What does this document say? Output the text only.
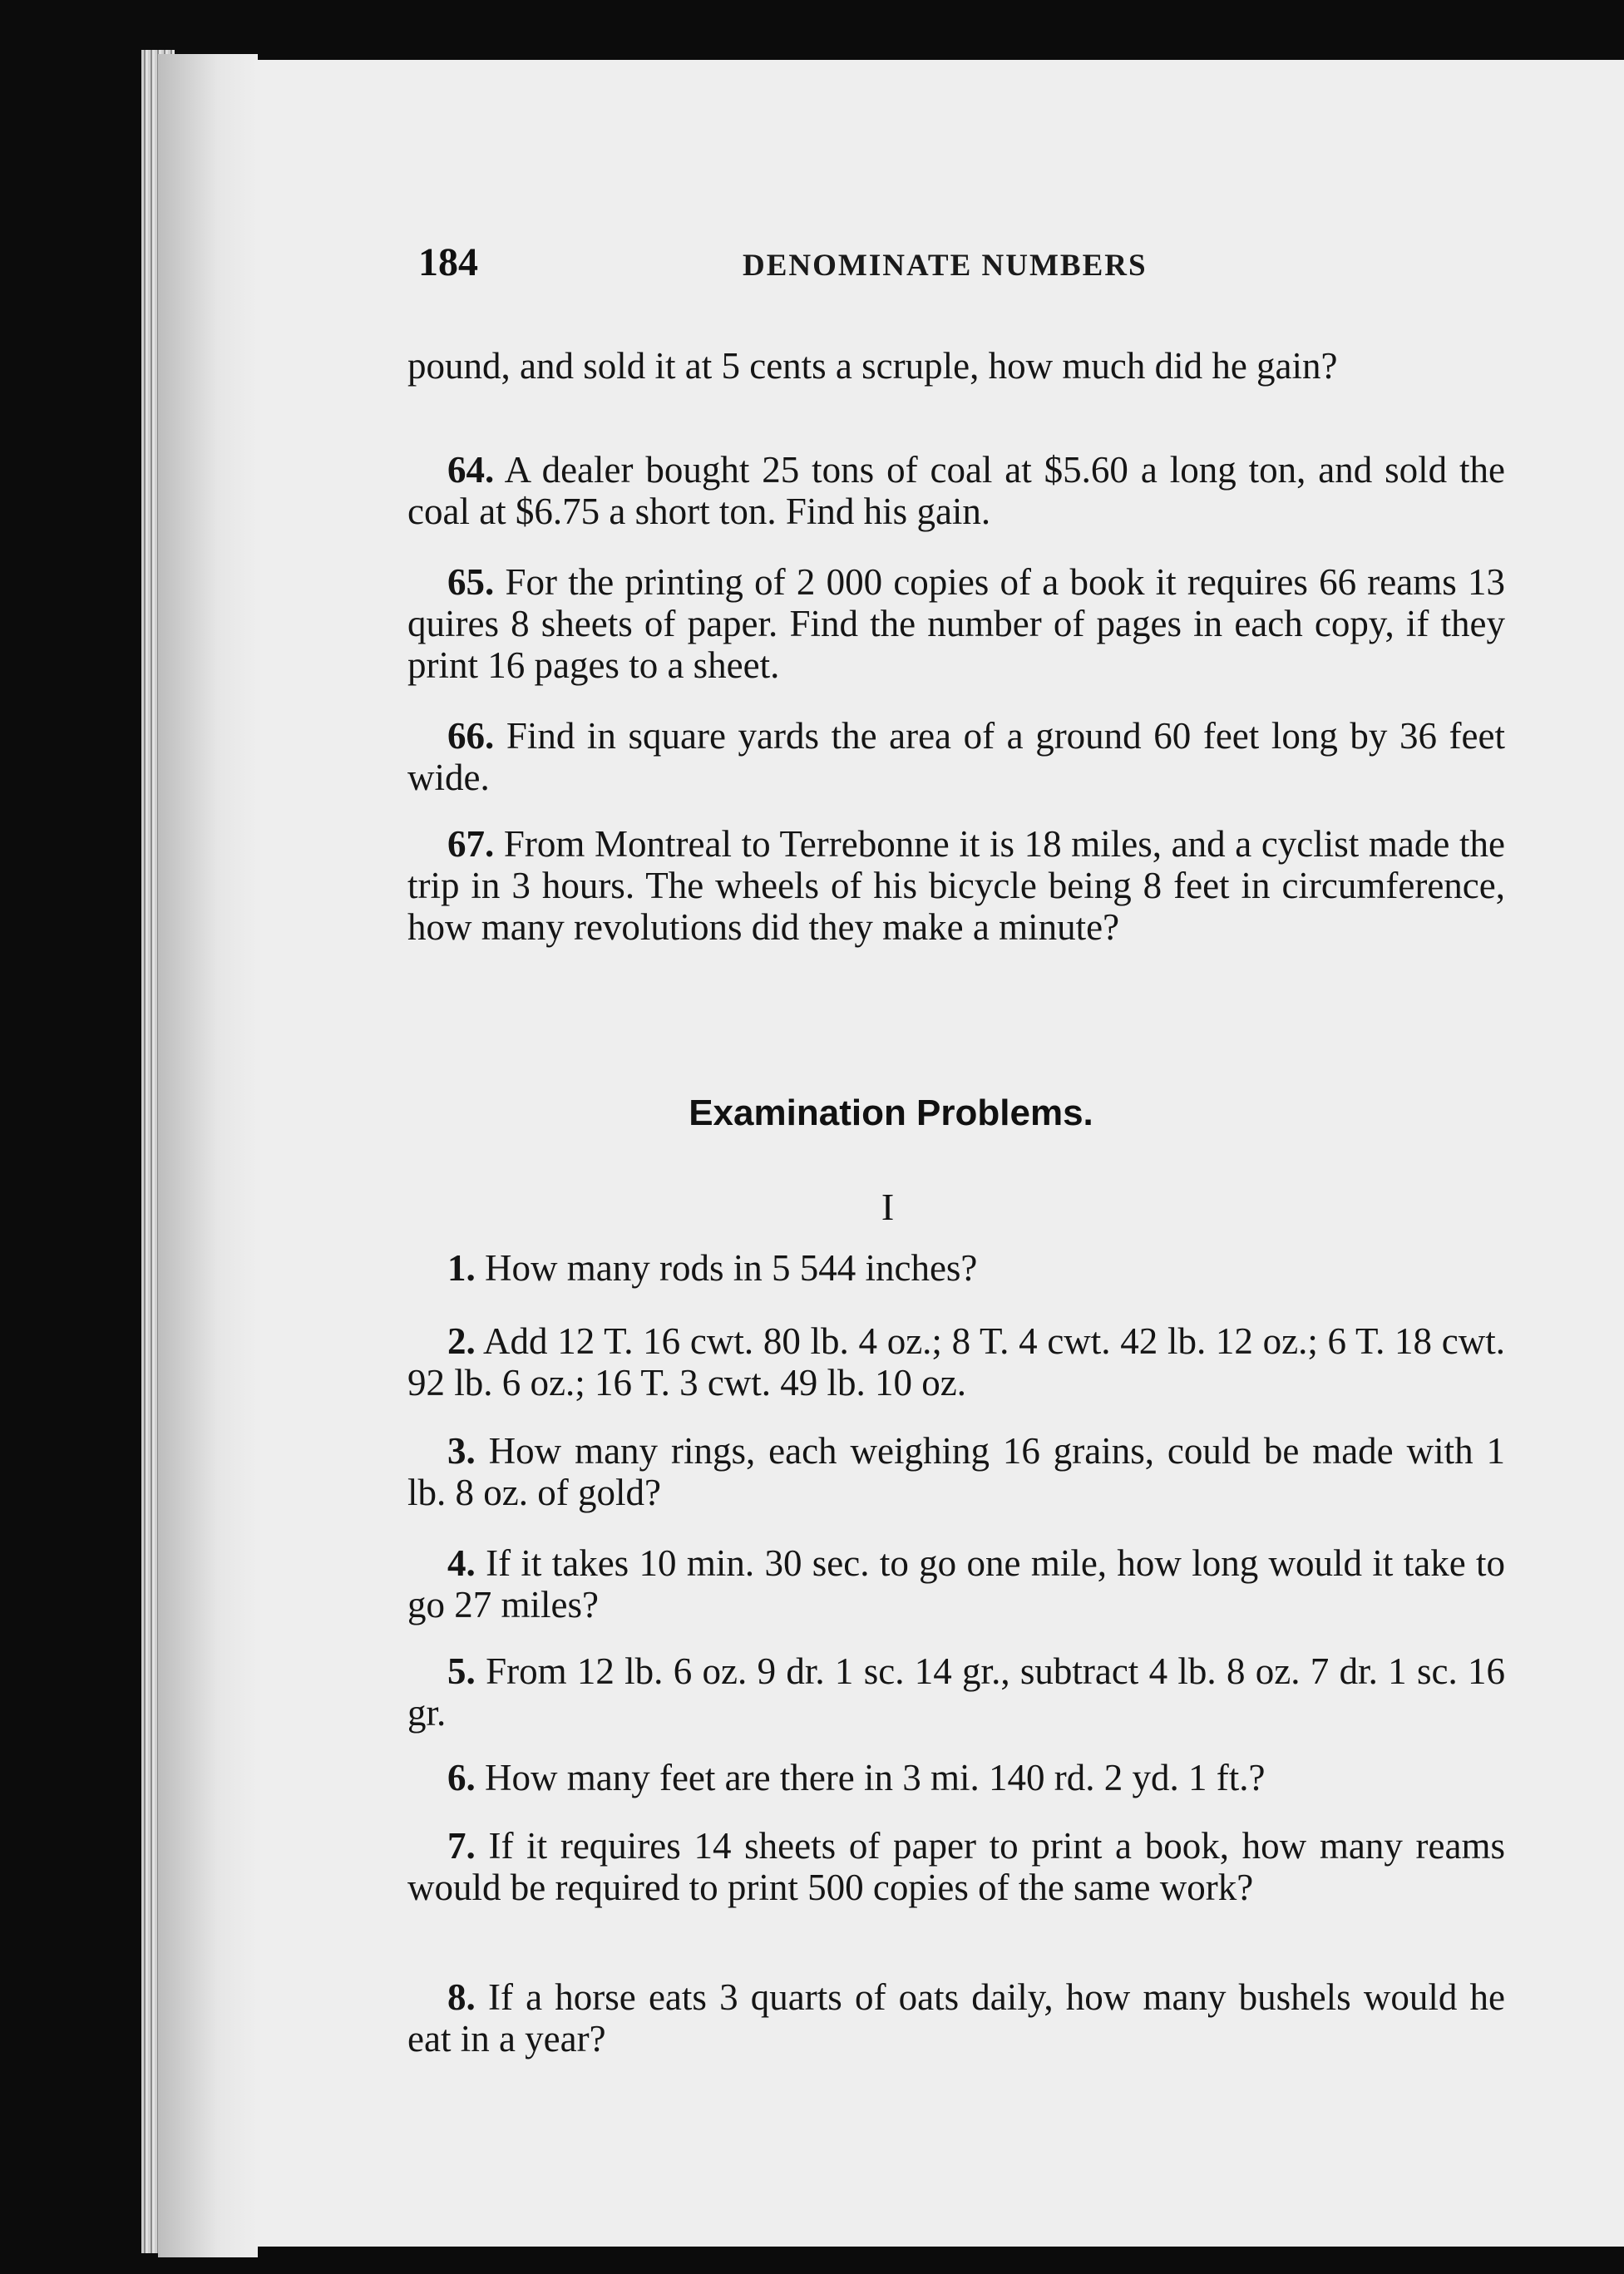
184	DENOMINATE NUMBERS

pound, and sold it at 5 cents a scruple, how much did he gain?

64. A dealer bought 25 tons of coal at $5.60 a long ton, and sold the coal at $6.75 a short ton. Find his gain.

65. For the printing of 2 000 copies of a book it requires 66 reams 13 quires 8 sheets of paper. Find the number of pages in each copy, if they print 16 pages to a sheet.

66. Find in square yards the area of a ground 60 feet long by 36 feet wide.

67. From Montreal to Terrebonne it is 18 miles, and a cyclist made the trip in 3 hours. The wheels of his bicycle being 8 feet in circumference, how many revolutions did they make a minute?

Examination Problems.
I

1. How many rods in 5 544 inches?

2. Add 12 T. 16 cwt. 80 lb. 4 oz.; 8 T. 4 cwt. 42 lb. 12 oz.; 6 T. 18 cwt. 92 lb. 6 oz.; 16 T. 3 cwt. 49 lb. 10 oz.

3. How many rings, each weighing 16 grains, could be made with 1 lb. 8 oz. of gold?

4. If it takes 10 min. 30 sec. to go one mile, how long would it take to go 27 miles?

5. From 12 lb. 6 oz. 9 dr. 1 sc. 14 gr., subtract 4 lb. 8 oz. 7 dr. 1 sc. 16 gr.

6. How many feet are there in 3 mi. 140 rd. 2 yd. 1 ft.?

7. If it requires 14 sheets of paper to print a book, how many reams would be required to print 500 copies of the same work?

8. If a horse eats 3 quarts of oats daily, how many bushels would he eat in a year?
